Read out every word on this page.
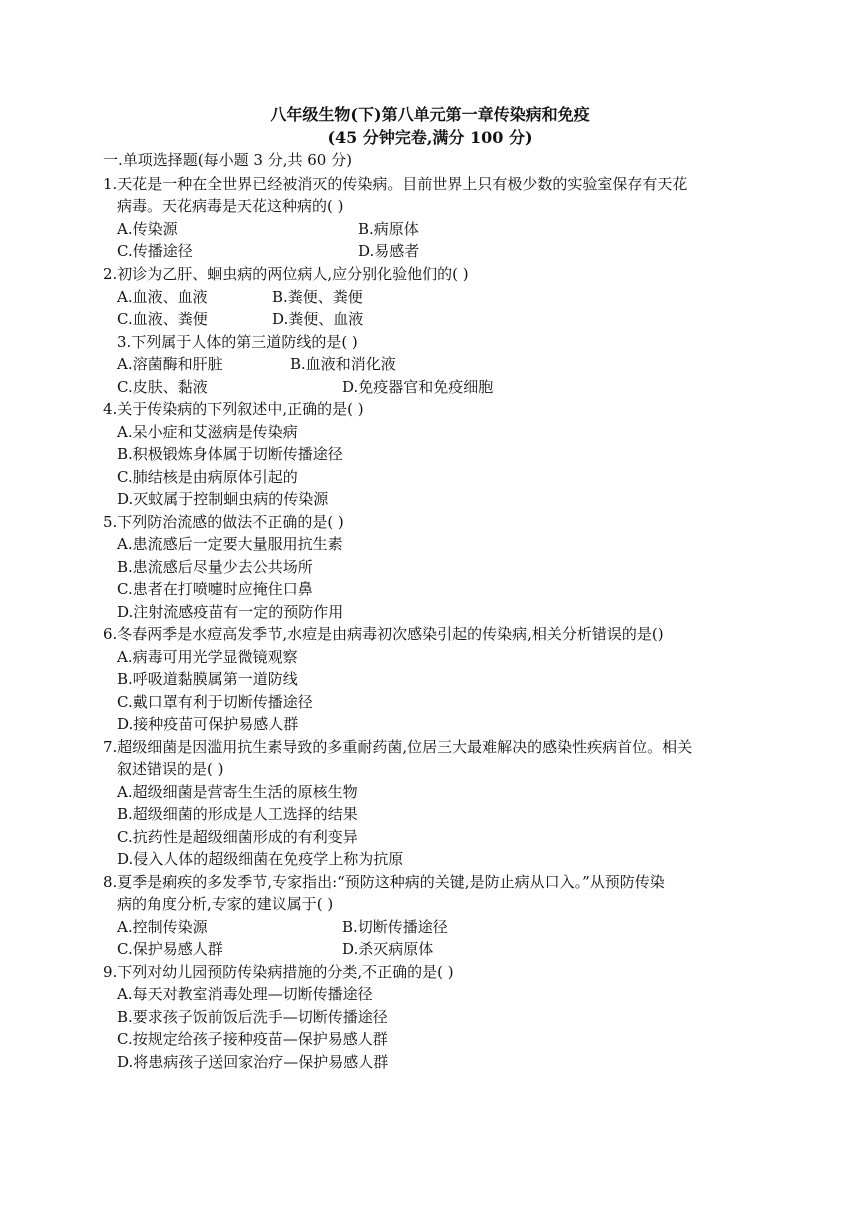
八年级生物(下)第八单元第一章传染病和免疫
(45 分钟完卷,满分 100 分)
一.单项选择题(每小题 3 分,共 60 分)
1.天花是一种在全世界已经被消灭的传染病。目前世界上只有极少数的实验室保存有天花
病毒。天花病毒是天花这种病的( )
A.传染源	B.病原体
C.传播途径	D.易感者
2.初诊为乙肝、蛔虫病的两位病人,应分别化验他们的( )
A.血液、血液	B.粪便、粪便
C.血液、粪便	D.粪便、血液
3.下列属于人体的第三道防线的是( )
A.溶菌酶和肝脏	B.血液和消化液
C.皮肤、黏液	D.免疫器官和免疫细胞
4.关于传染病的下列叙述中,正确的是( )
A.呆小症和艾滋病是传染病
B.积极锻炼身体属于切断传播途径
C.肺结核是由病原体引起的
D.灭蚊属于控制蛔虫病的传染源
5.下列防治流感的做法不正确的是( )
A.患流感后一定要大量服用抗生素
B.患流感后尽量少去公共场所
C.患者在打喷嚏时应掩住口鼻
D.注射流感疫苗有一定的预防作用
6.冬春两季是水痘高发季节,水痘是由病毒初次感染引起的传染病,相关分析错误的是()
A.病毒可用光学显微镜观察
B.呼吸道黏膜属第一道防线
C.戴口罩有利于切断传播途径
D.接种疫苗可保护易感人群
7.超级细菌是因滥用抗生素导致的多重耐药菌,位居三大最难解决的感染性疾病首位。相关
叙述错误的是( )
A.超级细菌是营寄生生活的原核生物
B.超级细菌的形成是人工选择的结果
C.抗药性是超级细菌形成的有利变异
D.侵入人体的超级细菌在免疫学上称为抗原
8.夏季是痢疾的多发季节,专家指出:“预防这种病的关键,是防止病从口入。”从预防传染
病的角度分析,专家的建议属于( )
A.控制传染源	B.切断传播途径
C.保护易感人群	D.杀灭病原体
9.下列对幼儿园预防传染病措施的分类,不正确的是( )
A.每天对教室消毒处理—切断传播途径
B.要求孩子饭前饭后洗手—切断传播途径
C.按规定给孩子接种疫苗—保护易感人群
D.将患病孩子送回家治疗—保护易感人群
